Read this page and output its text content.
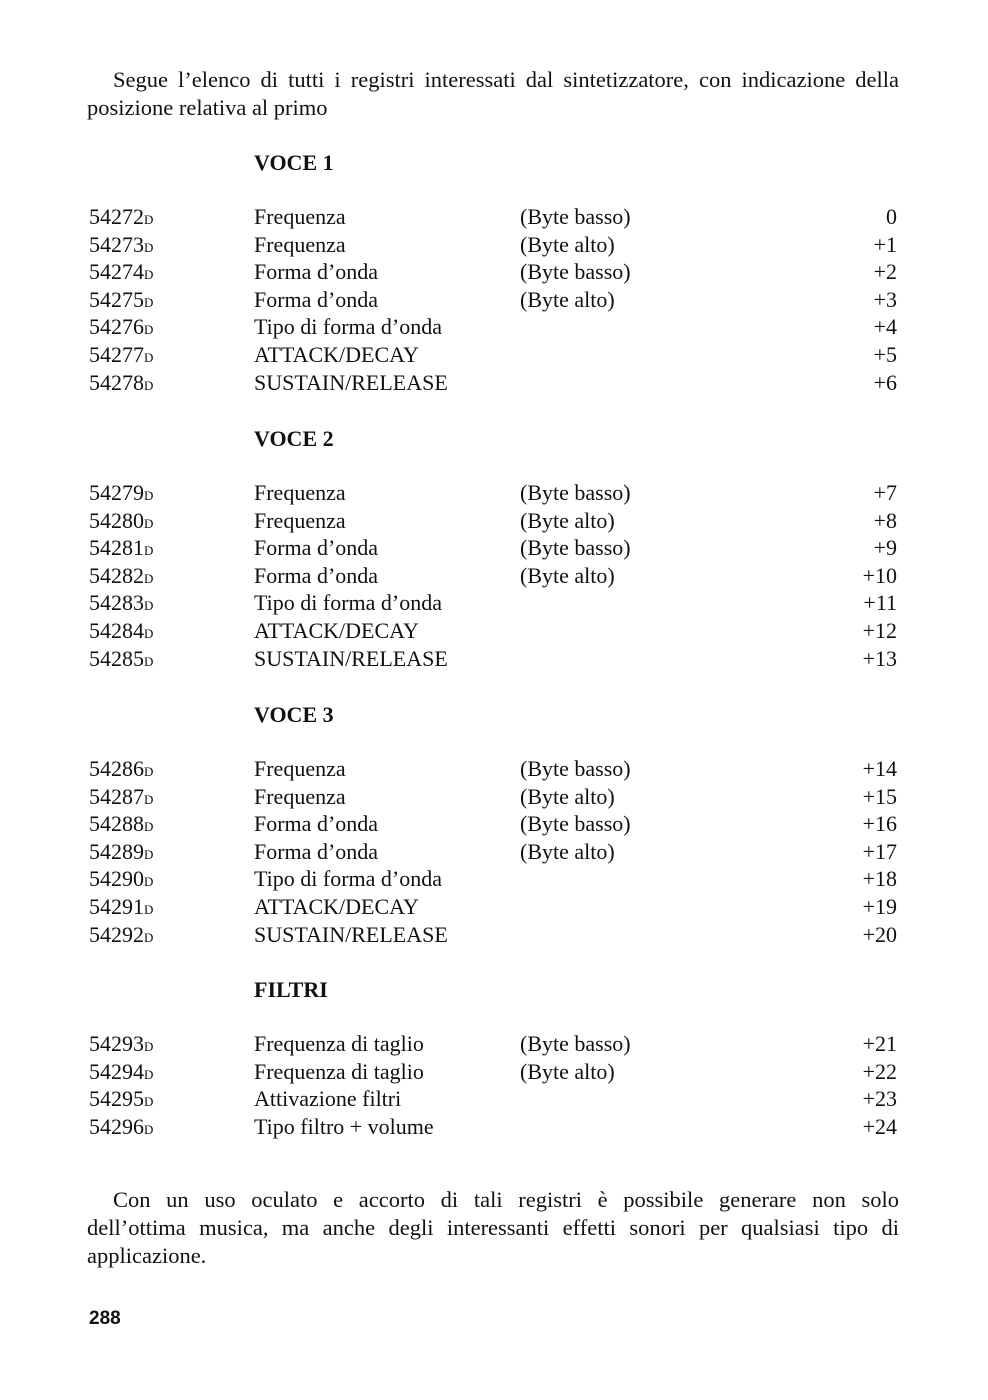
Segue l’elenco di tutti i registri interessati dal sintetizzatore, con indicazione della
posizione relativa al primo

VOCE 1
54272D	Frequenza	(Byte basso)	0
54273D	Frequenza	(Byte alto)	+1
54274D	Forma d’onda	(Byte basso)	+2
54275D	Forma d’onda	(Byte alto)	+3
54276D	Tipo di forma d’onda	+4
54277D	ATTACK/DECAY	+5
54278D	SUSTAIN/RELEASE	+6
VOCE 2
54279D	Frequenza	(Byte basso)	+7
54280D	Frequenza	(Byte alto)	+8
54281D	Forma d’onda	(Byte basso)	+9
54282D	Forma d’onda	(Byte alto)	+10
54283D	Tipo di forma d’onda	+11
54284D	ATTACK/DECAY	+12
54285D	SUSTAIN/RELEASE	+13
VOCE 3
54286D	Frequenza	(Byte basso)	+14
54287D	Frequenza	(Byte alto)	+15
54288D	Forma d’onda	(Byte basso)	+16
54289D	Forma d’onda	(Byte alto)	+17
54290D	Tipo di forma d’onda	+18
54291D	ATTACK/DECAY	+19
54292D	SUSTAIN/RELEASE	+20
FILTRI
54293D	Frequenza di taglio	(Byte basso)	+21
54294D	Frequenza di taglio	(Byte alto)	+22
54295D	Attivazione filtri	+23
54296D	Tipo filtro + volume	+24

Con un uso oculato e accorto di tali registri è possibile generare non solo
dell’ottima musica, ma anche degli interessanti effetti sonori per qualsiasi tipo di
applicazione.

288
